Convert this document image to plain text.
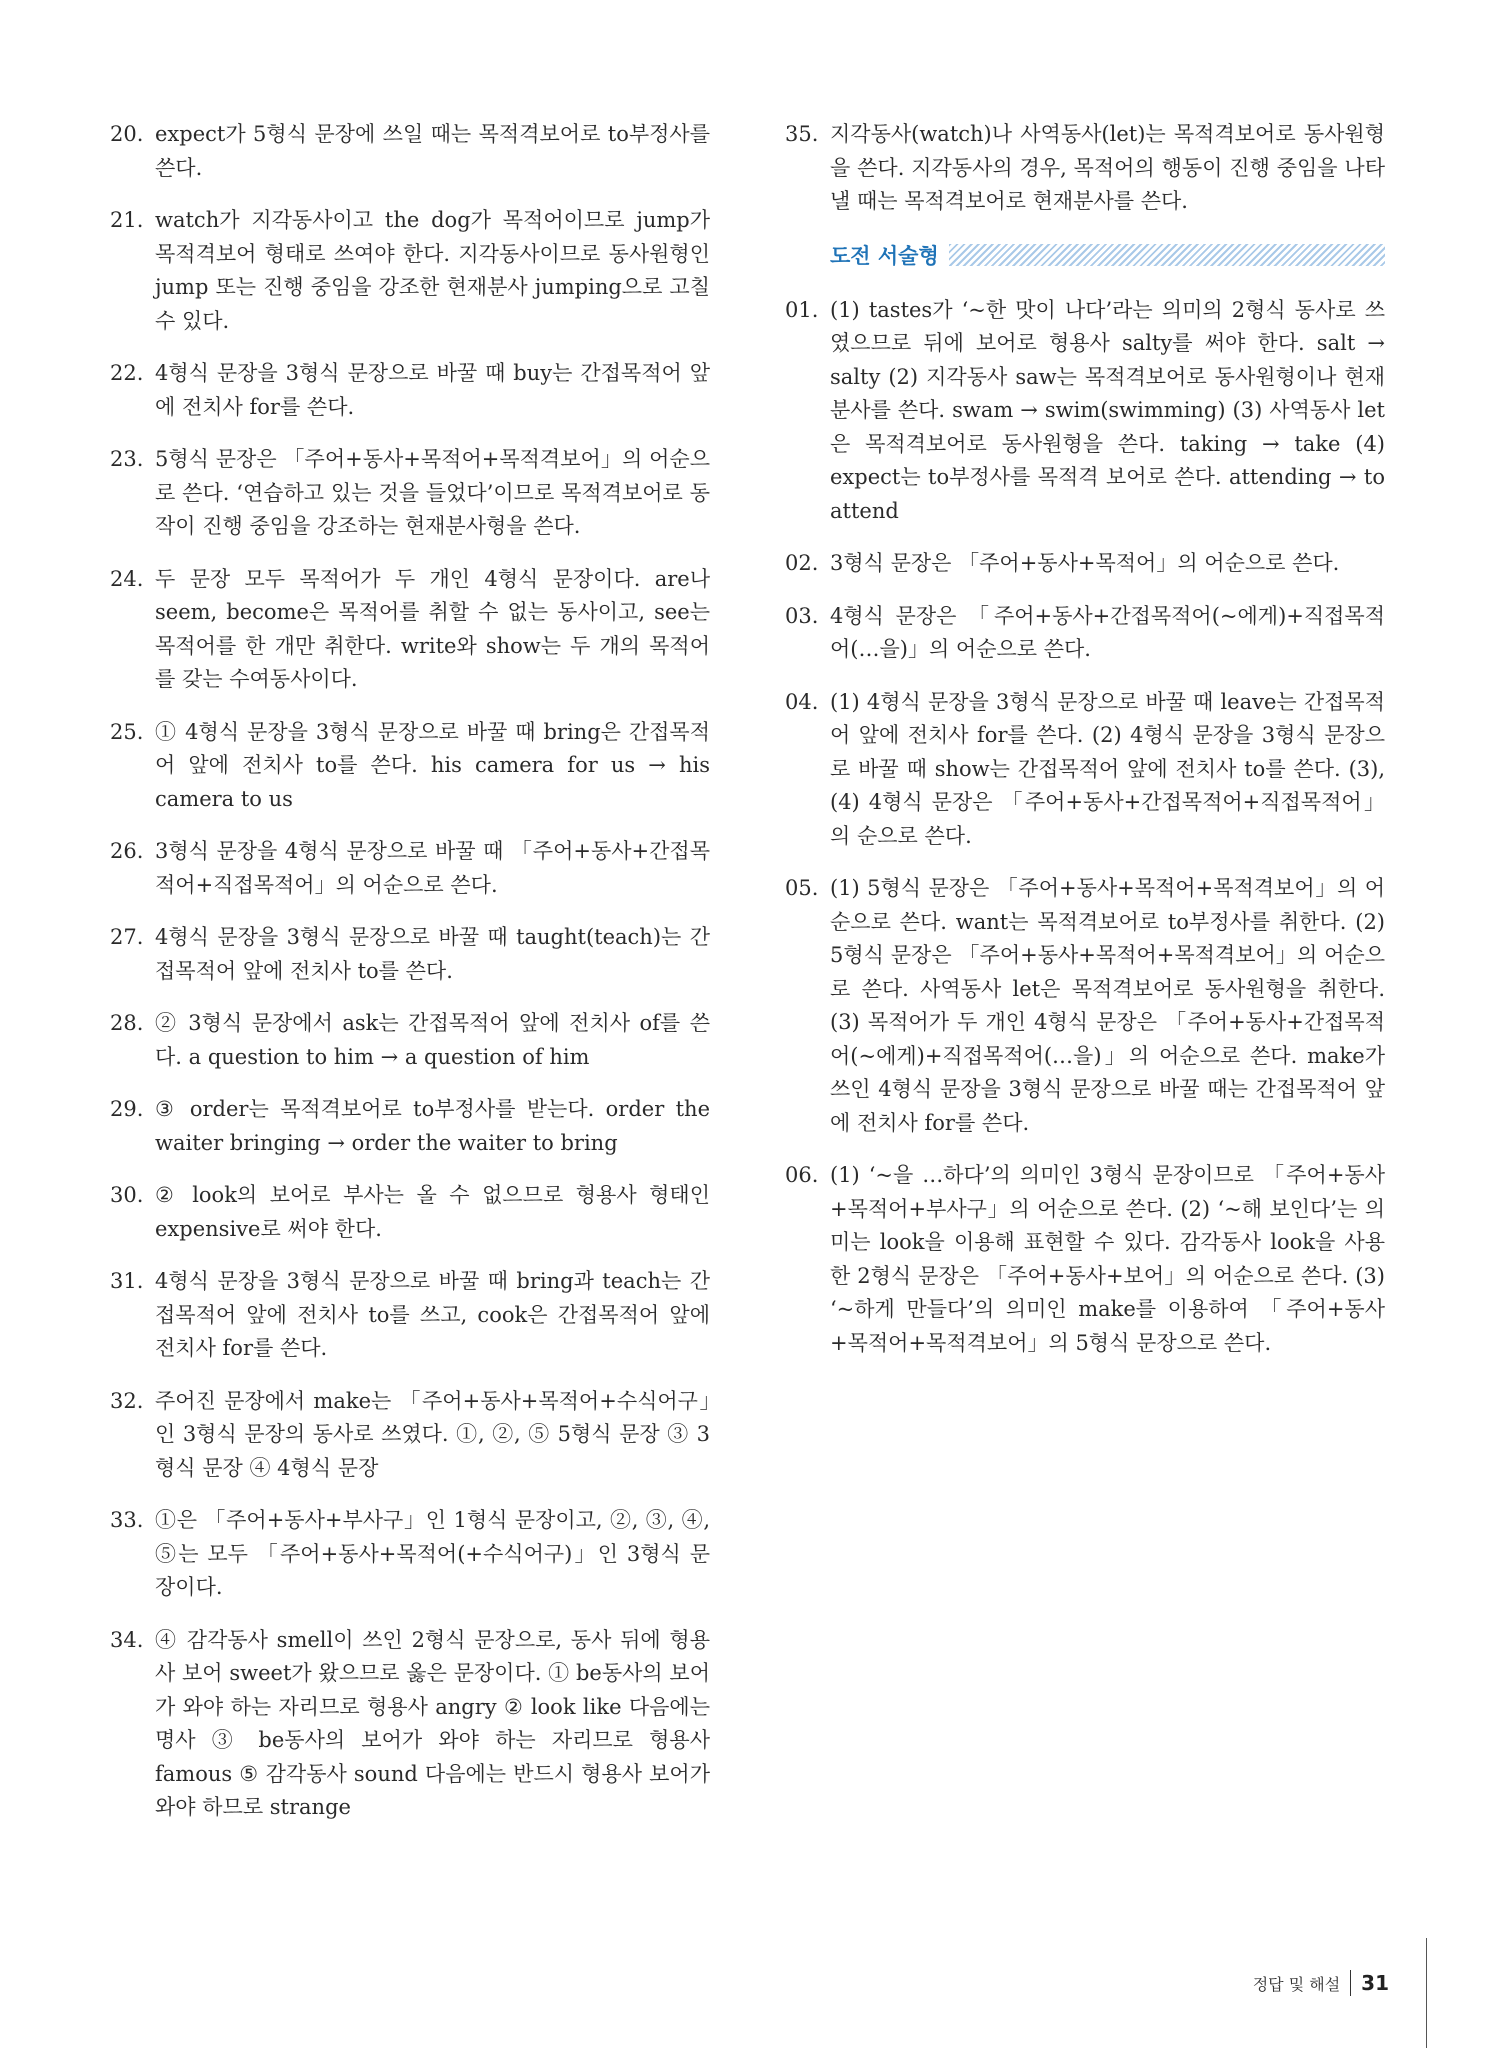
20. expect가 5형식 문장에 쓰일 때는 목적격보어로 to부정사를 쓴다.
21. watch가 지각동사이고 the dog가 목적어이므로 jump가 목적격보어 형태로 쓰여야 한다. 지각동사이므로 동사원형인 jump 또는 진행 중임을 강조한 현재분사 jumping으로 고칠 수 있다.
22. 4형식 문장을 3형식 문장으로 바꿀 때 buy는 간접목적어 앞에 전치사 for를 쓴다.
23. 5형식 문장은 「주어+동사+목적어+목적격보어」의 어순으로 쓴다. ‘연습하고 있는 것을 들었다’이므로 목적격보어로 동작이 진행 중임을 강조하는 현재분사형을 쓴다.
24. 두 문장 모두 목적어가 두 개인 4형식 문장이다. are나 seem, become은 목적어를 취할 수 없는 동사이고, see는 목적어를 한 개만 취한다. write와 show는 두 개의 목적어를 갖는 수여동사이다.
25. ① 4형식 문장을 3형식 문장으로 바꿀 때 bring은 간접목적어 앞에 전치사 to를 쓴다. his camera for us → his camera to us
26. 3형식 문장을 4형식 문장으로 바꿀 때 「주어+동사+간접목적어+직접목적어」의 어순으로 쓴다.
27. 4형식 문장을 3형식 문장으로 바꿀 때 taught(teach)는 간접목적어 앞에 전치사 to를 쓴다.
28. ② 3형식 문장에서 ask는 간접목적어 앞에 전치사 of를 쓴다. a question to him → a question of him
29. ③ order는 목적격보어로 to부정사를 받는다. order the waiter bringing → order the waiter to bring
30. ② look의 보어로 부사는 올 수 없으므로 형용사 형태인 expensive로 써야 한다.
31. 4형식 문장을 3형식 문장으로 바꿀 때 bring과 teach는 간접목적어 앞에 전치사 to를 쓰고, cook은 간접목적어 앞에 전치사 for를 쓴다.
32. 주어진 문장에서 make는 「주어+동사+목적어+수식어구」인 3형식 문장의 동사로 쓰였다. ①, ②, ⑤ 5형식 문장 ③ 3형식 문장 ④ 4형식 문장
33. ①은 「주어+동사+부사구」인 1형식 문장이고, ②, ③, ④, ⑤는 모두 「주어+동사+목적어(+수식어구)」인 3형식 문장이다.
34. ④ 감각동사 smell이 쓰인 2형식 문장으로, 동사 뒤에 형용사 보어 sweet가 왔으므로 옳은 문장이다. ① be동사의 보어가 와야 하는 자리므로 형용사 angry ② look like 다음에는 명사 ③ be동사의 보어가 와야 하는 자리므로 형용사 famous ⑤ 감각동사 sound 다음에는 반드시 형용사 보어가 와야 하므로 strange
35. 지각동사(watch)나 사역동사(let)는 목적격보어로 동사원형을 쓴다. 지각동사의 경우, 목적어의 행동이 진행 중임을 나타낼 때는 목적격보어로 현재분사를 쓴다.
도전 서술형
01. (1) tastes가 ‘~한 맛이 나다’라는 의미의 2형식 동사로 쓰였으므로 뒤에 보어로 형용사 salty를 써야 한다. salt → salty (2) 지각동사 saw는 목적격보어로 동사원형이나 현재분사를 쓴다. swam → swim(swimming) (3) 사역동사 let은 목적격보어로 동사원형을 쓴다. taking → take (4) expect는 to부정사를 목적격 보어로 쓴다. attending → to attend
02. 3형식 문장은 「주어+동사+목적어」의 어순으로 쓴다.
03. 4형식 문장은 「주어+동사+간접목적어(~에게)+직접목적어(…을)」의 어순으로 쓴다.
04. (1) 4형식 문장을 3형식 문장으로 바꿀 때 leave는 간접목적어 앞에 전치사 for를 쓴다. (2) 4형식 문장을 3형식 문장으로 바꿀 때 show는 간접목적어 앞에 전치사 to를 쓴다. (3), (4) 4형식 문장은 「주어+동사+간접목적어+직접목적어」의 순으로 쓴다.
05. (1) 5형식 문장은 「주어+동사+목적어+목적격보어」의 어순으로 쓴다. want는 목적격보어로 to부정사를 취한다. (2) 5형식 문장은 「주어+동사+목적어+목적격보어」의 어순으로 쓴다. 사역동사 let은 목적격보어로 동사원형을 취한다. (3) 목적어가 두 개인 4형식 문장은 「주어+동사+간접목적어(~에게)+직접목적어(…을)」의 어순으로 쓴다. make가 쓰인 4형식 문장을 3형식 문장으로 바꿀 때는 간접목적어 앞에 전치사 for를 쓴다.
06. (1) ‘~을 …하다’의 의미인 3형식 문장이므로 「주어+동사+목적어+부사구」의 어순으로 쓴다. (2) ‘~해 보인다’는 의미는 look을 이용해 표현할 수 있다. 감각동사 look을 사용한 2형식 문장은 「주어+동사+보어」의 어순으로 쓴다. (3) ‘~하게 만들다’의 의미인 make를 이용하여 「주어+동사+목적어+목적격보어」의 5형식 문장으로 쓴다.
정답 및 해설 31
